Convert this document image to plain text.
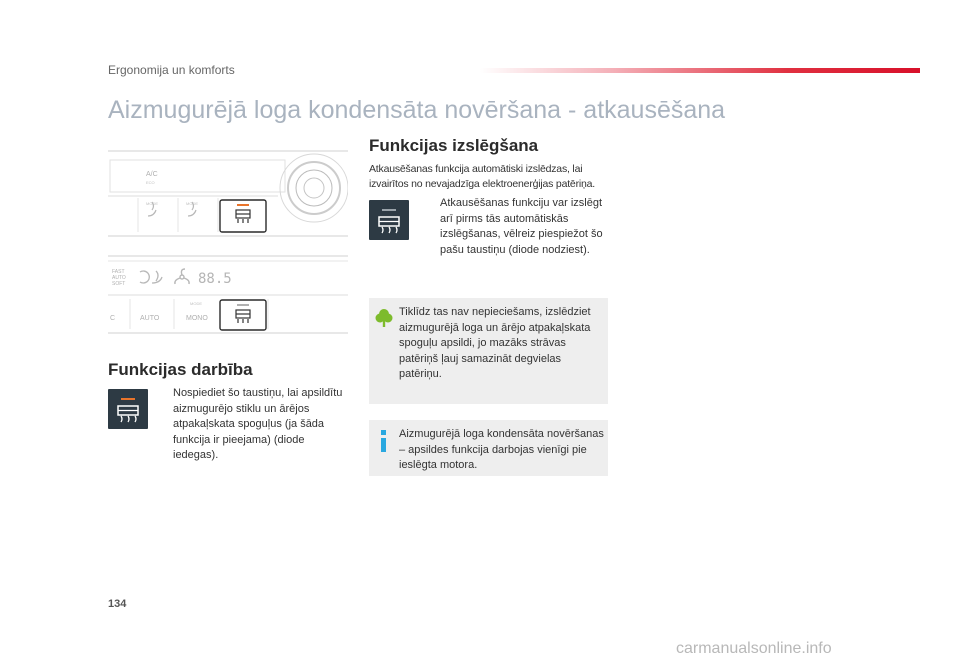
Ergonomija un komforts
Aizmugurējā loga kondensāta novēršana - atkausēšana
A/C
ECO
MODE	MODE
FAST
AUTO
SOFT	88.5
C	AUTO	MONO
MODE
Funkcijas darbība
Nospiediet šo taustiņu, lai apsildītu aizmugurējo stiklu un ārējos atpakaļskata spoguļus (ja šāda funkcija ir pieejama) (diode iedegas).
Funkcijas izslēgšana

Atkausēšanas funkcija automātiski izslēdzas, lai izvairītos no nevajadzīga elektroenerģijas patēriņa.

Atkausēšanas funkciju var izslēgt arī pirms tās automātiskās izslēgšanas, vēlreiz piespiežot šo pašu taustiņu (diode nodziest).
Tiklīdz tas nav nepieciešams, izslēdziet aizmugurējā loga un ārējo atpakaļskata spoguļu apsildi, jo mazāks strāvas patēriņš ļauj samazināt degvielas patēriņu.
Aizmugurējā loga kondensāta novēršanas – apsildes funkcija darbojas vienīgi pie ieslēgta motora.
134
carmanualsonline.info
